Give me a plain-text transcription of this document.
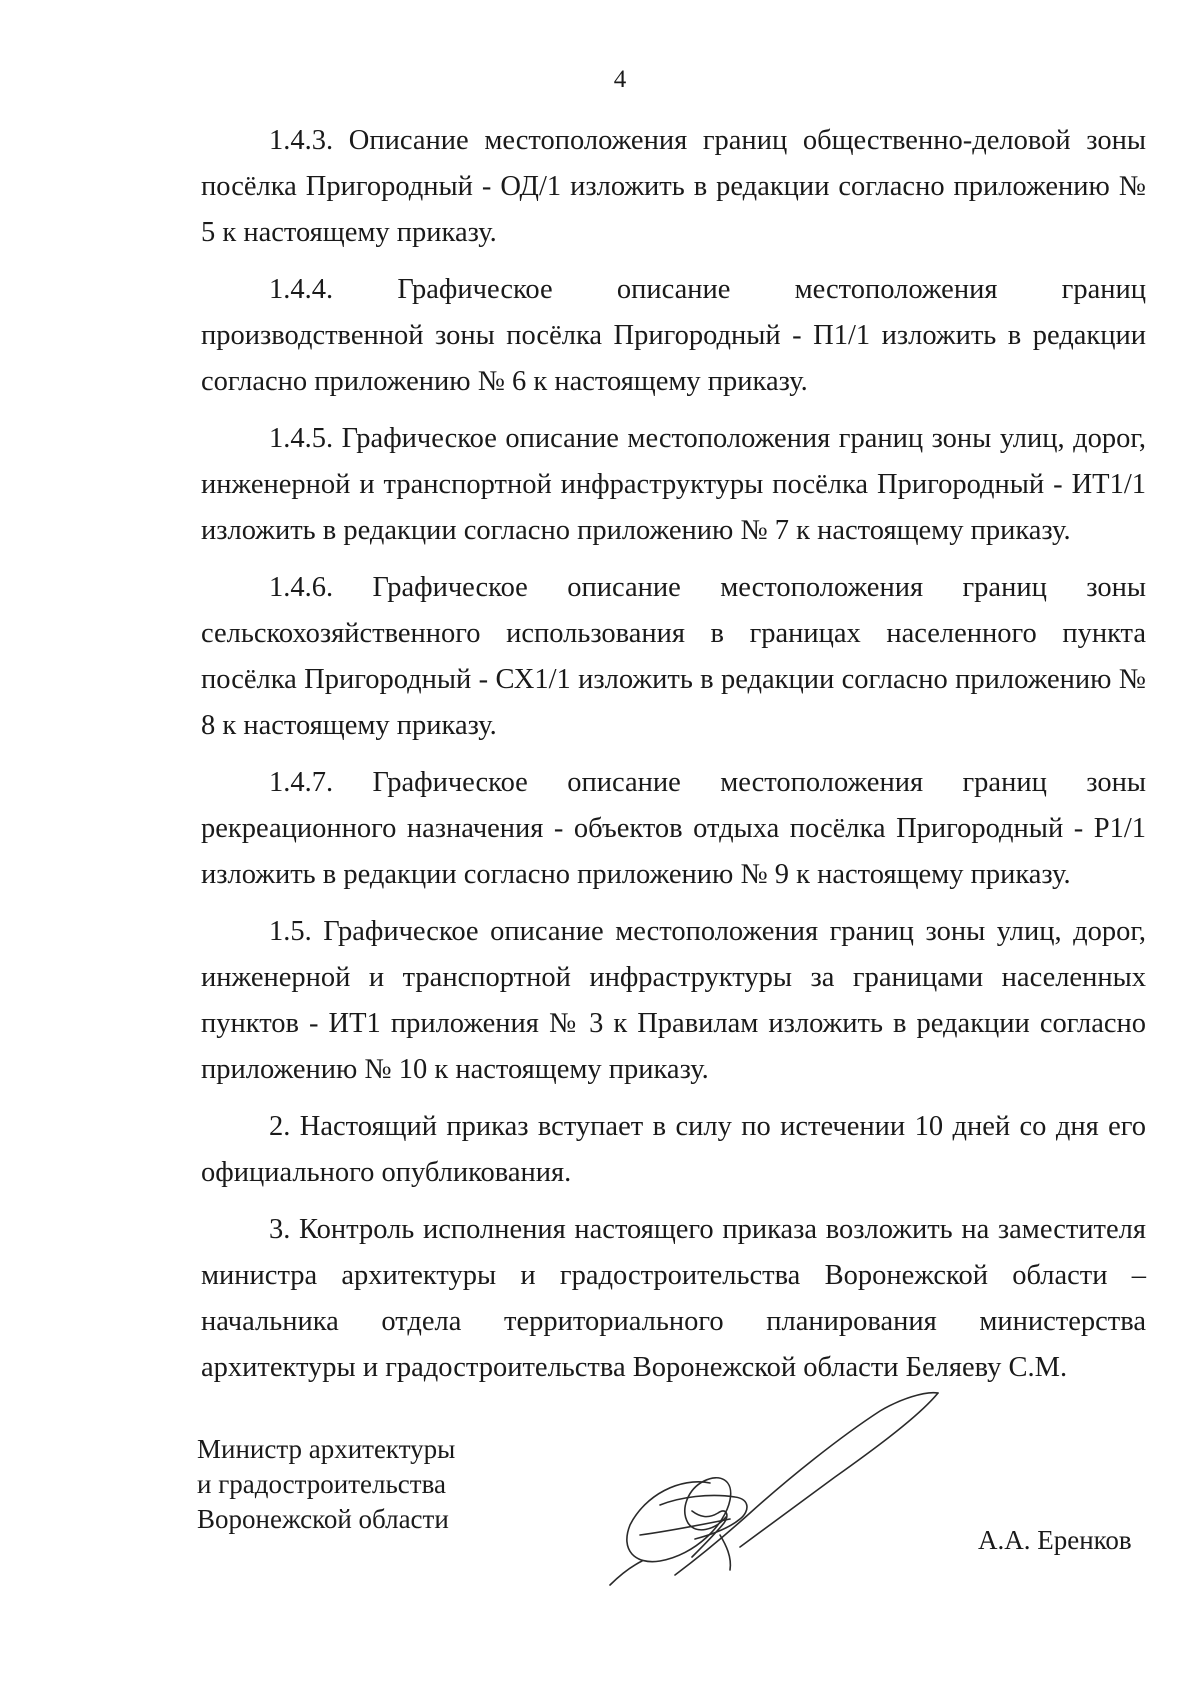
4

1.4.3. Описание местоположения границ общественно-деловой зоны посёлка Пригородный - ОД/1 изложить в редакции согласно приложению № 5 к настоящему приказу.

1.4.4. Графическое описание местоположения границ производственной зоны посёлка Пригородный - П1/1 изложить в редакции согласно приложению № 6 к настоящему приказу.

1.4.5. Графическое описание местоположения границ зоны улиц, дорог, инженерной и транспортной инфраструктуры посёлка Пригородный - ИТ1/1 изложить в редакции согласно приложению № 7 к настоящему приказу.

1.4.6. Графическое описание местоположения границ зоны сельскохозяйственного использования в границах населенного пункта посёлка Пригородный - СХ1/1 изложить в редакции согласно приложению № 8 к настоящему приказу.

1.4.7. Графическое описание местоположения границ зоны рекреационного назначения - объектов отдыха посёлка Пригородный - Р1/1 изложить в редакции согласно приложению № 9 к настоящему приказу.

1.5. Графическое описание местоположения границ зоны улиц, дорог, инженерной и транспортной инфраструктуры за границами населенных пунктов - ИТ1 приложения № 3 к Правилам изложить в редакции согласно приложению № 10 к настоящему приказу.

2. Настоящий приказ вступает в силу по истечении 10 дней со дня его официального опубликования.

3. Контроль исполнения настоящего приказа возложить на заместителя министра архитектуры и градостроительства Воронежской области – начальника отдела территориального планирования министерства архитектуры и градостроительства Воронежской области Беляеву С.М.

Министр архитектуры
и градостроительства
Воронежской области
А.А. Еренков
